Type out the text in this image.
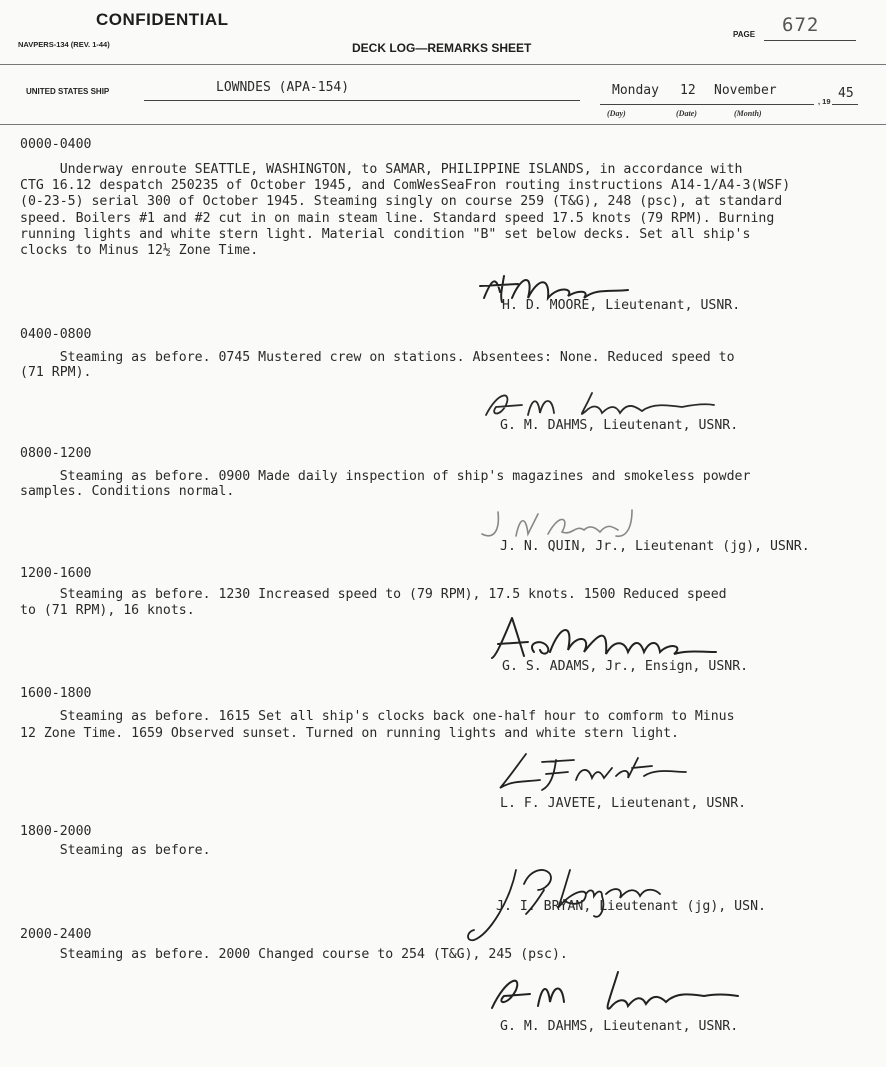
CONFIDENTIAL
NAVPERS-134 (REV. 1-44)	DECK LOG—REMARKS SHEET
PAGE 672
UNITED STATES SHIP	LOWNDES (APA-154)	Monday 12 November
, 19
45
(Day)	(Date)	(Month)
0000-0400
Underway enroute SEATTLE, WASHINGTON, to SAMAR, PHILIPPINE ISLANDS, in accordance with
CTG 16.12 despatch 250235 of October 1945, and ComWesSeaFron routing instructions A14-1/A4-3(WSF)
(0-23-5) serial 300 of October 1945. Steaming singly on course 259 (T&G), 248 (psc), at standard
speed. Boilers #1 and #2 cut in on main steam line. Standard speed 17.5 knots (79 RPM). Burning
running lights and white stern light. Material condition "B" set below decks. Set all ship's
clocks to Minus 12½ Zone Time.
H. D. MOORE, Lieutenant, USNR.
0400-0800
Steaming as before. 0745 Mustered crew on stations. Absentees: None. Reduced speed to
(71 RPM).
G. M. DAHMS, Lieutenant, USNR.
0800-1200
Steaming as before. 0900 Made daily inspection of ship's magazines and smokeless powder
samples. Conditions normal.
J. N. QUIN, Jr., Lieutenant (jg), USNR.
1200-1600
Steaming as before. 1230 Increased speed to (79 RPM), 17.5 knots. 1500 Reduced speed
to (71 RPM), 16 knots.
G. S. ADAMS, Jr., Ensign, USNR.
1600-1800
Steaming as before. 1615 Set all ship's clocks back one-half hour to comform to Minus
12 Zone Time. 1659 Observed sunset. Turned on running lights and white stern light.
L. F. JAVETE, Lieutenant, USNR.
1800-2000
Steaming as before.
J. I. BRYAN, Lieutenant (jg), USN.
2000-2400
Steaming as before. 2000 Changed course to 254 (T&G), 245 (psc).
G. M. DAHMS, Lieutenant, USNR.
